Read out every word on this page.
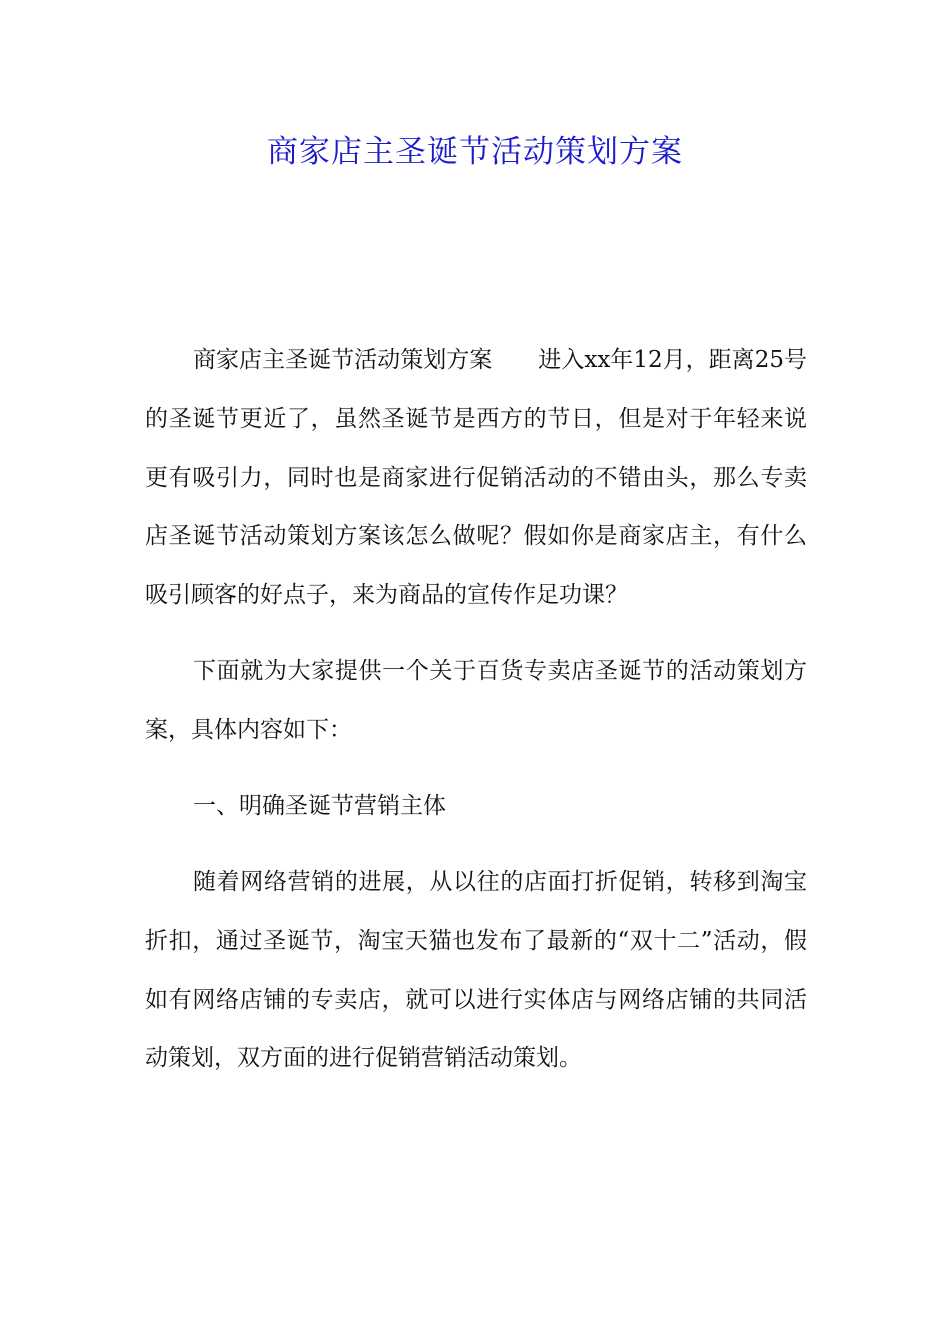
商家店主圣诞节活动策划方案

商家店主圣诞节活动策划方案 进入xx年12月，距离25号的圣诞节更近了，虽然圣诞节是西方的节日，但是对于年轻来说更有吸引力，同时也是商家进行促销活动的不错由头，那么专卖店圣诞节活动策划方案该怎么做呢？假如你是商家店主，有什么吸引顾客的好点子，来为商品的宣传作足功课？

下面就为大家提供一个关于百货专卖店圣诞节的活动策划方案，具体内容如下：

一、明确圣诞节营销主体

随着网络营销的进展，从以往的店面打折促销，转移到淘宝折扣，通过圣诞节，淘宝天猫也发布了最新的“双十二”活动，假如有网络店铺的专卖店，就可以进行实体店与网络店铺的共同活动策划，双方面的进行促销营销活动策划。
